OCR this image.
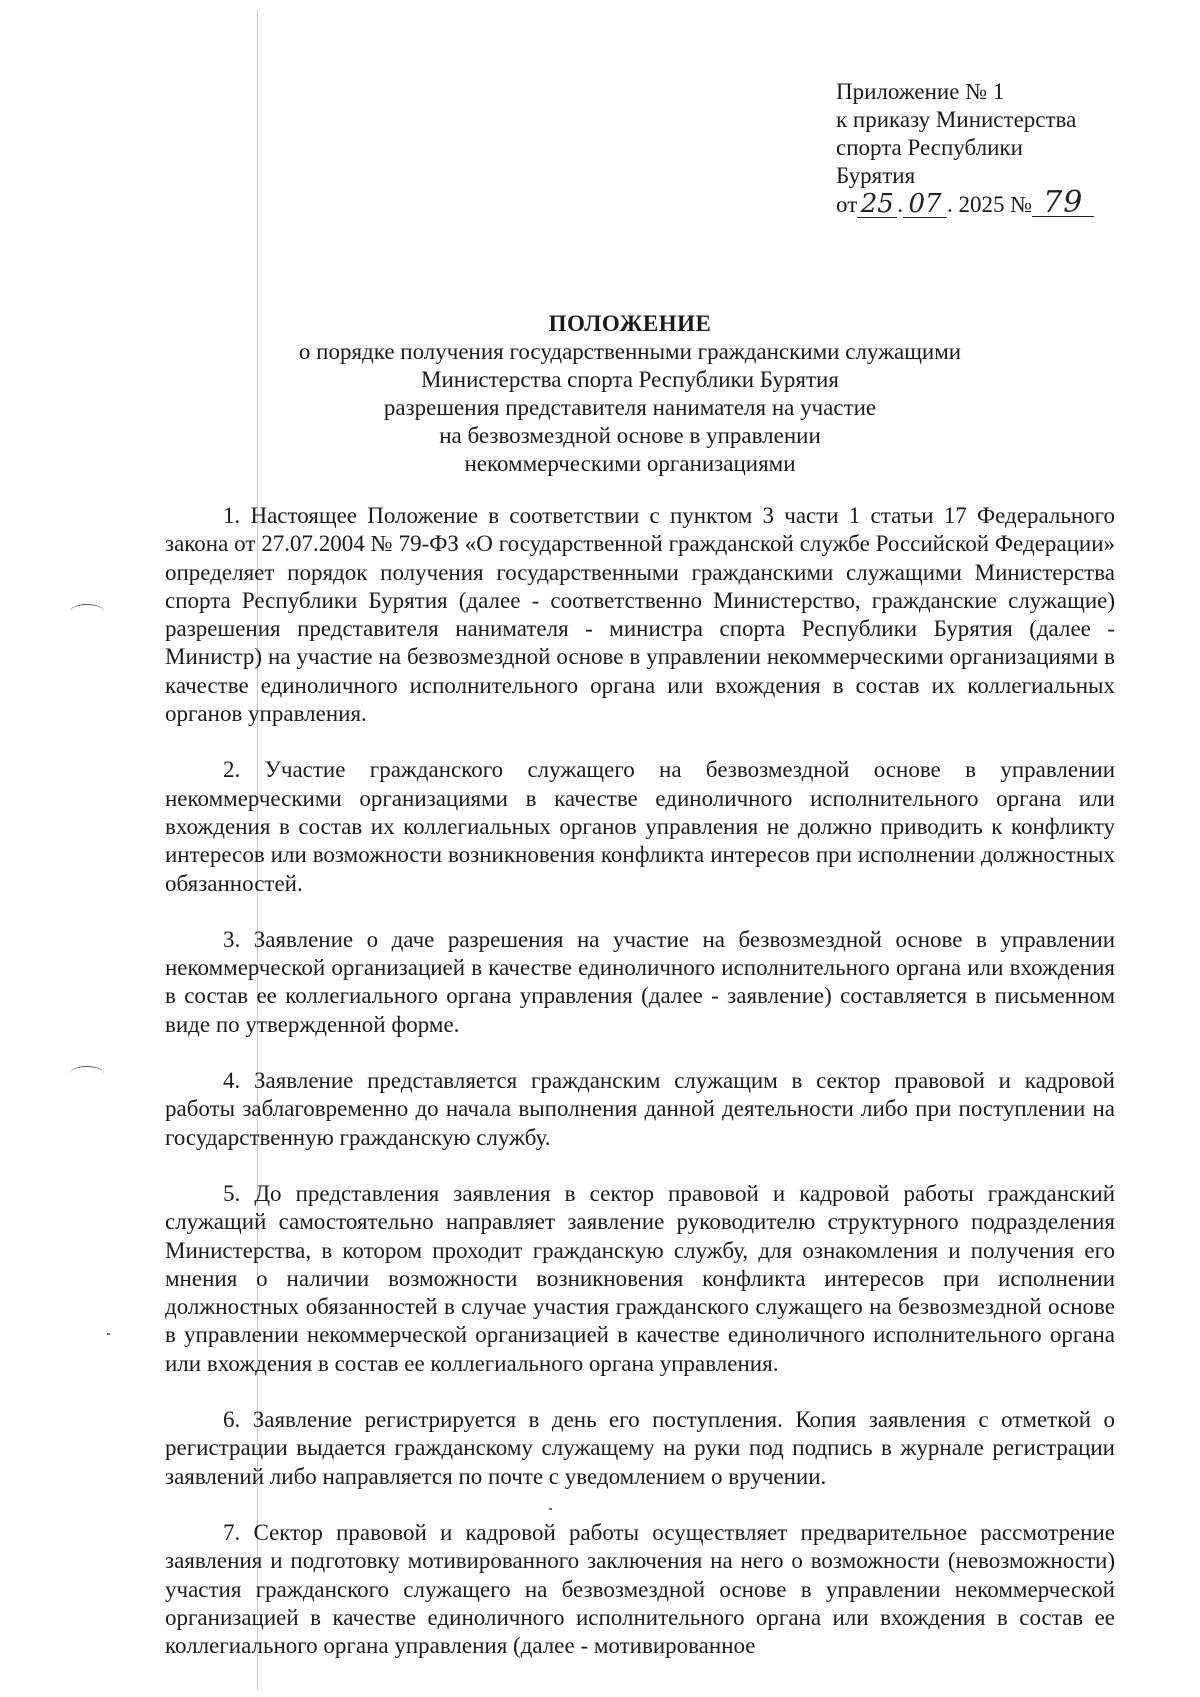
Приложение № 1
к приказу Министерства
спорта Республики
Бурятия
от 25 . 07 . 2025 № 79
ПОЛОЖЕНИЕ
о порядке получения государственными гражданскими служащими
Министерства спорта Республики Бурятия
разрешения представителя нанимателя на участие
на безвозмездной основе в управлении
некоммерческими организациями

1. Настоящее Положение в соответствии с пунктом 3 части 1 статьи 17 Федерального закона от 27.07.2004 № 79-ФЗ «О государственной гражданской службе Российской Федерации» определяет порядок получения государственными гражданскими служащими Министерства спорта Республики Бурятия (далее - соответственно Министерство, гражданские служащие) разрешения представителя нанимателя - министра спорта Республики Бурятия (далее - Министр) на участие на безвозмездной основе в управлении некоммерческими организациями в качестве единоличного исполнительного органа или вхождения в состав их коллегиальных органов управления.

2. Участие гражданского служащего на безвозмездной основе в управлении некоммерческими организациями в качестве единоличного исполнительного органа или вхождения в состав их коллегиальных органов управления не должно приводить к конфликту интересов или возможности возникновения конфликта интересов при исполнении должностных обязанностей.

3. Заявление о даче разрешения на участие на безвозмездной основе в управлении некоммерческой организацией в качестве единоличного исполнительного органа или вхождения в состав ее коллегиального органа управления (далее - заявление) составляется в письменном виде по утвержденной форме.

4. Заявление представляется гражданским служащим в сектор правовой и кадровой работы заблаговременно до начала выполнения данной деятельности либо при поступлении на государственную гражданскую службу.

5. До представления заявления в сектор правовой и кадровой работы гражданский служащий самостоятельно направляет заявление руководителю структурного подразделения Министерства, в котором проходит гражданскую службу, для ознакомления и получения его мнения о наличии возможности возникновения конфликта интересов при исполнении должностных обязанностей в случае участия гражданского служащего на безвозмездной основе в управлении некоммерческой организацией в качестве единоличного исполнительного органа или вхождения в состав ее коллегиального органа управления.

6. Заявление регистрируется в день его поступления. Копия заявления с отметкой о регистрации выдается гражданскому служащему на руки под подпись в журнале регистрации заявлений либо направляется по почте с уведомлением о вручении.

7. Сектор правовой и кадровой работы осуществляет предварительное рассмотрение заявления и подготовку мотивированного заключения на него о возможности (невозможности) участия гражданского служащего на безвозмездной основе в управлении некоммерческой организацией в качестве единоличного исполнительного органа или вхождения в состав ее коллегиального органа управления (далее - мотивированное
